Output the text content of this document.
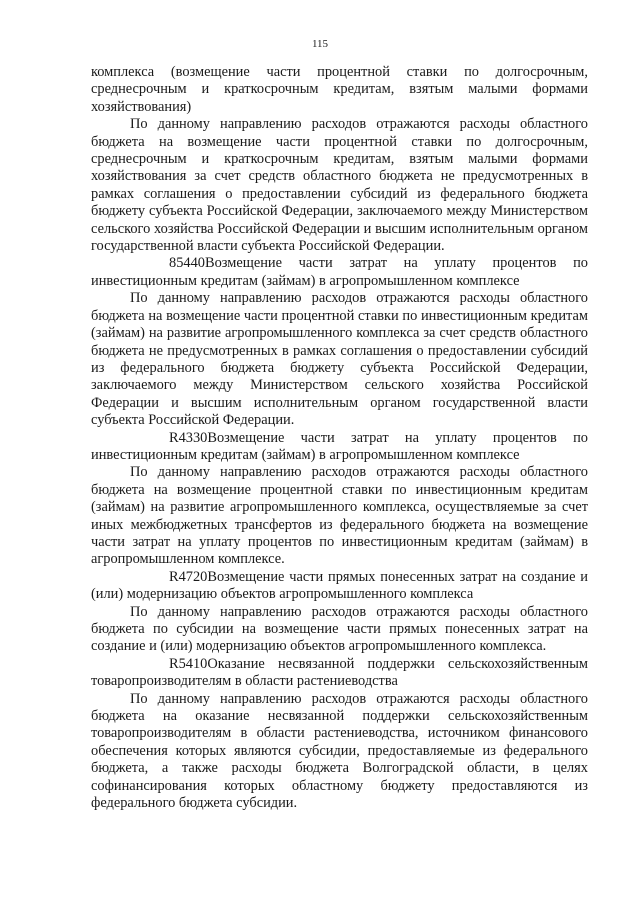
115

комплекса (возмещение части процентной ставки по долгосрочным, среднесрочным и краткосрочным кредитам, взятым малыми формами хозяйствования)

По данному направлению расходов отражаются расходы областного бюджета на возмещение части процентной ставки по долгосрочным, среднесрочным и краткосрочным кредитам, взятым малыми формами хозяйствования за счет средств областного бюджета не предусмотренных в рамках соглашения о предоставлении субсидий из федерального бюджета бюджету субъекта Российской Федерации, заключаемого между Министерством сельского хозяйства Российской Федерации и высшим исполнительным органом государственной власти субъекта Российской Федерации.

85440Возмещение части затрат на уплату процентов по инвестиционным кредитам (займам) в агропромышленном комплексе

По данному направлению расходов отражаются расходы областного бюджета на возмещение части процентной ставки по инвестиционным кредитам (займам) на развитие агропромышленного комплекса за счет средств областного бюджета не предусмотренных в рамках соглашения о предоставлении субсидий из федерального бюджета бюджету субъекта Российской Федерации, заключаемого между Министерством сельского хозяйства Российской Федерации и высшим исполнительным органом государственной власти субъекта Российской Федерации.

R4330Возмещение части затрат на уплату процентов по инвестиционным кредитам (займам) в агропромышленном комплексе

По данному направлению расходов отражаются расходы областного бюджета на возмещение процентной ставки по инвестиционным кредитам (займам) на развитие агропромышленного комплекса, осуществляемые за счет иных межбюджетных трансфертов из федерального бюджета на возмещение части затрат на уплату процентов по инвестиционным кредитам (займам) в агропромышленном комплексе.

R4720Возмещение части прямых понесенных затрат на создание и (или) модернизацию объектов агропромышленного комплекса

По данному направлению расходов отражаются расходы областного бюджета по субсидии на возмещение части прямых понесенных затрат на создание и (или) модернизацию объектов агропромышленного комплекса.

R5410Оказание несвязанной поддержки сельскохозяйственным товаропроизводителям в области растениеводства

По данному направлению расходов отражаются расходы областного бюджета на оказание несвязанной поддержки сельскохозяйственным товаропроизводителям в области растениеводства, источником финансового обеспечения которых являются субсидии, предоставляемые из федерального бюджета, а также расходы бюджета Волгоградской области, в целях софинансирования которых областному бюджету предоставляются из федерального бюджета субсидии.
